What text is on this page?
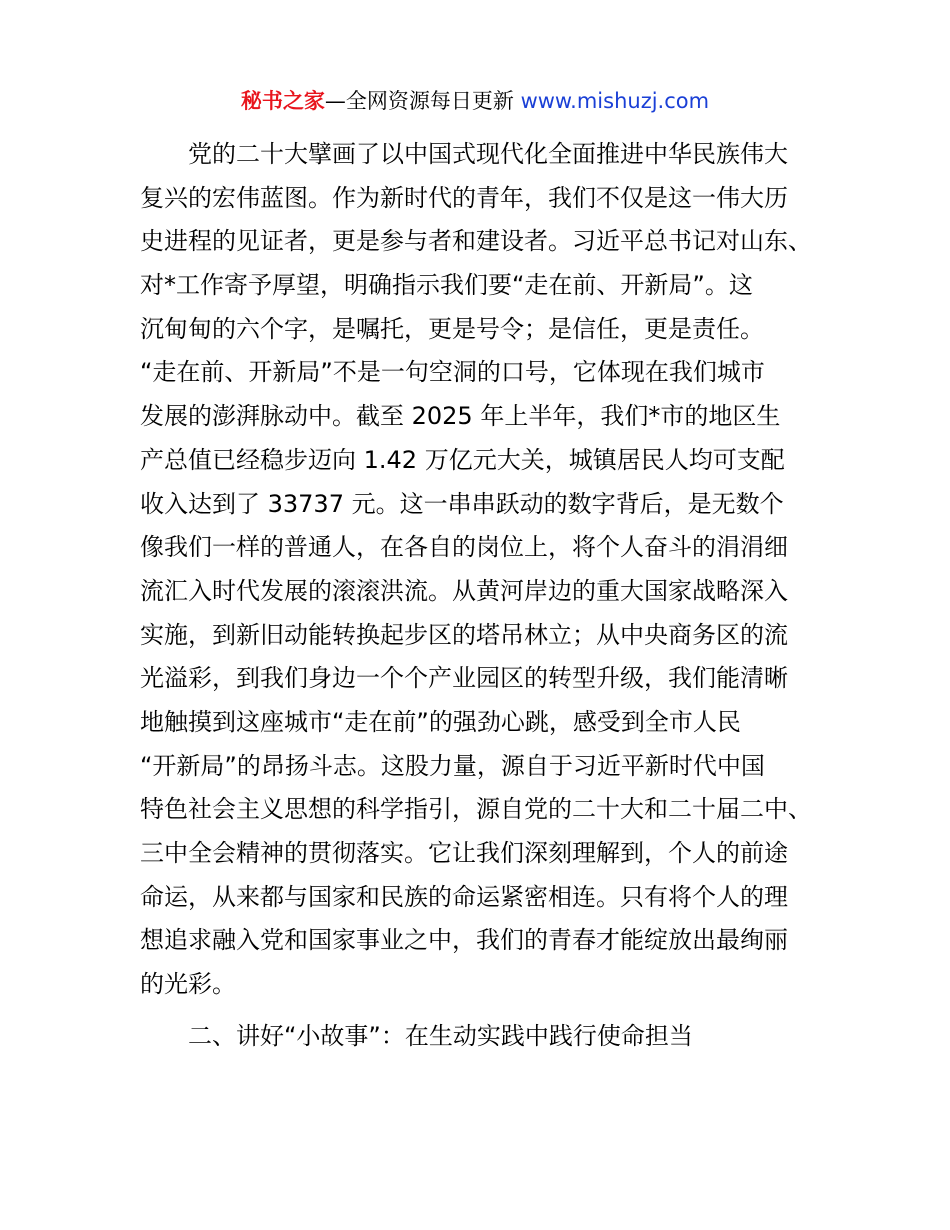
秘书之家—全网资源每日更新 www.mishuzj.com
党的二十大擘画了以中国式现代化全面推进中华民族伟大
复兴的宏伟蓝图。作为新时代的青年，我们不仅是这一伟大历
史进程的见证者，更是参与者和建设者。习近平总书记对山东、
对*工作寄予厚望，明确指示我们要“走在前、开新局”。这
沉甸甸的六个字，是嘱托，更是号令；是信任，更是责任。
“走在前、开新局”不是一句空洞的口号，它体现在我们城市
发展的澎湃脉动中。截至 2025 年上半年，我们*市的地区生
产总值已经稳步迈向 1.42 万亿元大关，城镇居民人均可支配
收入达到了 33737 元。这一串串跃动的数字背后，是无数个
像我们一样的普通人，在各自的岗位上，将个人奋斗的涓涓细
流汇入时代发展的滚滚洪流。从黄河岸边的重大国家战略深入
实施，到新旧动能转换起步区的塔吊林立；从中央商务区的流
光溢彩，到我们身边一个个产业园区的转型升级，我们能清晰
地触摸到这座城市“走在前”的强劲心跳，感受到全市人民
“开新局”的昂扬斗志。这股力量，源自于习近平新时代中国
特色社会主义思想的科学指引，源自党的二十大和二十届二中、
三中全会精神的贯彻落实。它让我们深刻理解到，个人的前途
命运，从来都与国家和民族的命运紧密相连。只有将个人的理
想追求融入党和国家事业之中，我们的青春才能绽放出最绚丽
的光彩。
二、讲好“小故事”：在生动实践中践行使命担当
